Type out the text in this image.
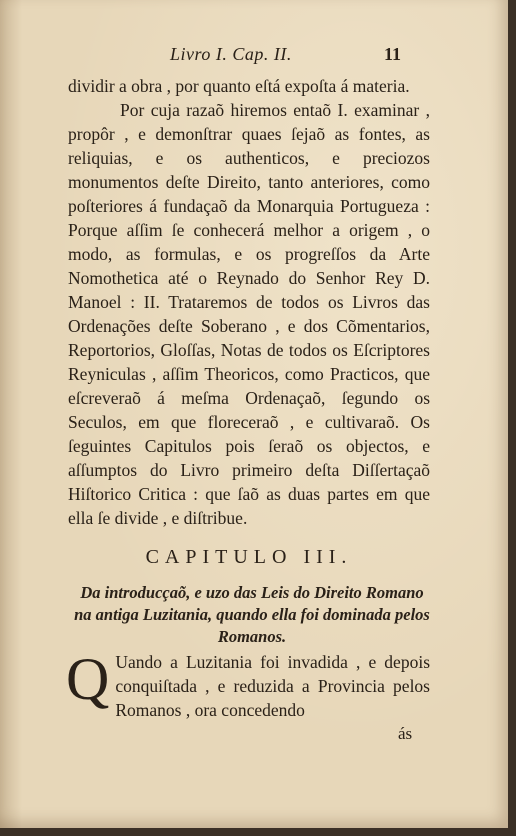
Livro I. Cap. II.	11

dividir a obra , por quanto eſtá expoſta á materia.

Por cuja razaõ hiremos entaõ I. examinar , propôr , e demonſtrar quaes ſejaõ as fontes, as reliquias, e os authenticos, e preciozos monumentos deſte Direito, tanto anteriores, como poſteriores á fundaçaõ da Monarquia Portugueza : Porque aſſim ſe conhecerá melhor a origem , o modo, as formulas, e os progreſſos da Arte Nomothetica até o Reynado do Senhor Rey D. Manoel : II. Trataremos de todos os Livros das Ordenações deſte Soberano , e dos Cõmentarios, Reportorios, Gloſſas, Notas de todos os Eſcriptores Reyniculas , aſſim Theoricos, como Practicos, que eſcreveraõ á meſma Ordenaçaõ, ſegundo os Seculos, em que floreceraõ , e cultivaraõ. Os ſeguintes Capitulos pois ſeraõ os objectos, e aſſumptos do Livro primeiro deſta Diſſertaçaõ Hiſtorico Critica : que ſaõ as duas partes em que ella ſe divide , e diſtribue.

CAPITULO III.
Da introducçaõ, e uzo das Leis do Direito Romano na antiga Luzitania, quando ella foi dominada pelos Romanos.
Q Uando a Luzitania foi invadida , e depois conquiſtada , e reduzida a Provincia pelos Romanos , ora concedendo
ás
